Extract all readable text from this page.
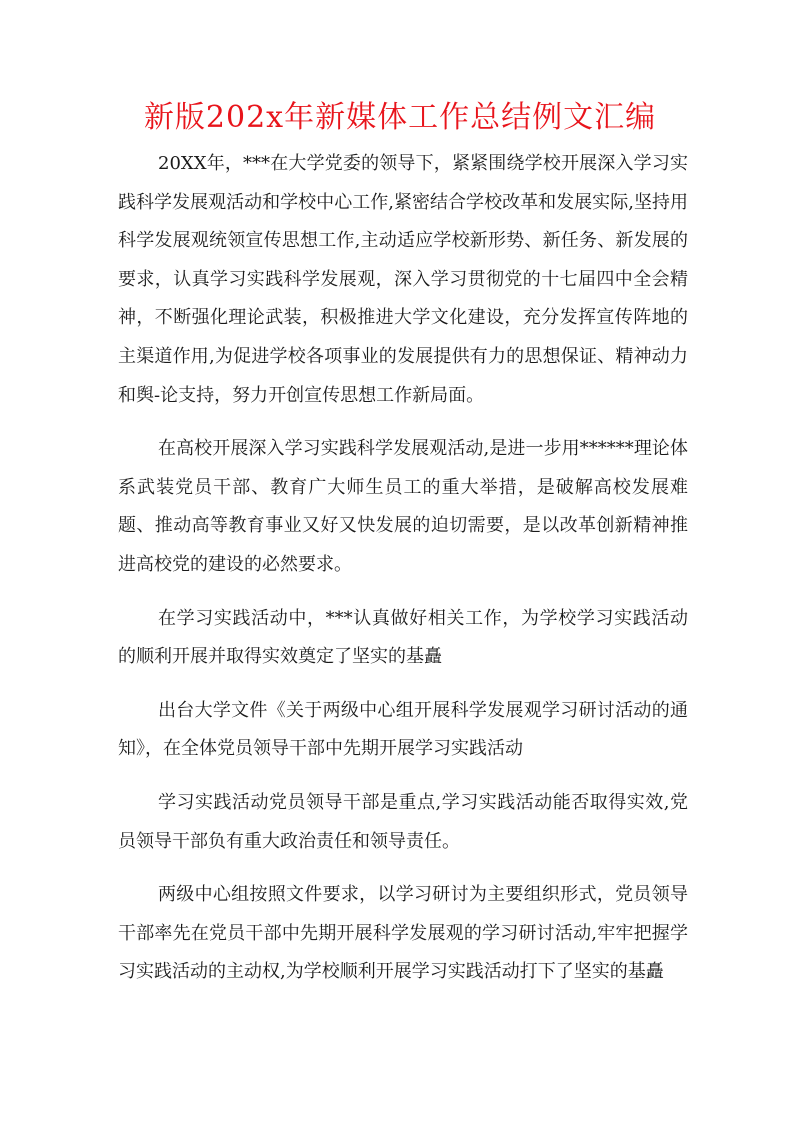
新版202x年新媒体工作总结例文汇编

20XX年，***在大学党委的领导下，紧紧围绕学校开展深入学习实践科学发展观活动和学校中心工作,紧密结合学校改革和发展实际,坚持用科学发展观统领宣传思想工作,主动适应学校新形势、新任务、新发展的要求，认真学习实践科学发展观，深入学习贯彻党的十七届四中全会精神，不断强化理论武装，积极推进大学文化建设，充分发挥宣传阵地的主渠道作用,为促进学校各项事业的发展提供有力的思想保证、精神动力和舆-论支持，努力开创宣传思想工作新局面。

在高校开展深入学习实践科学发展观活动,是进一步用******理论体系武装党员干部、教育广大师生员工的重大举措，是破解高校发展难题、推动高等教育事业又好又快发展的迫切需要，是以改革创新精神推进高校党的建设的必然要求。

在学习实践活动中，***认真做好相关工作，为学校学习实践活动的顺利开展并取得实效奠定了坚实的基矗

出台大学文件《关于两级中心组开展科学发展观学习研讨活动的通知》，在全体党员领导干部中先期开展学习实践活动

学习实践活动党员领导干部是重点,学习实践活动能否取得实效,党员领导干部负有重大政治责任和领导责任。

两级中心组按照文件要求，以学习研讨为主要组织形式，党员领导干部率先在党员干部中先期开展科学发展观的学习研讨活动,牢牢把握学习实践活动的主动权,为学校顺利开展学习实践活动打下了坚实的基矗
